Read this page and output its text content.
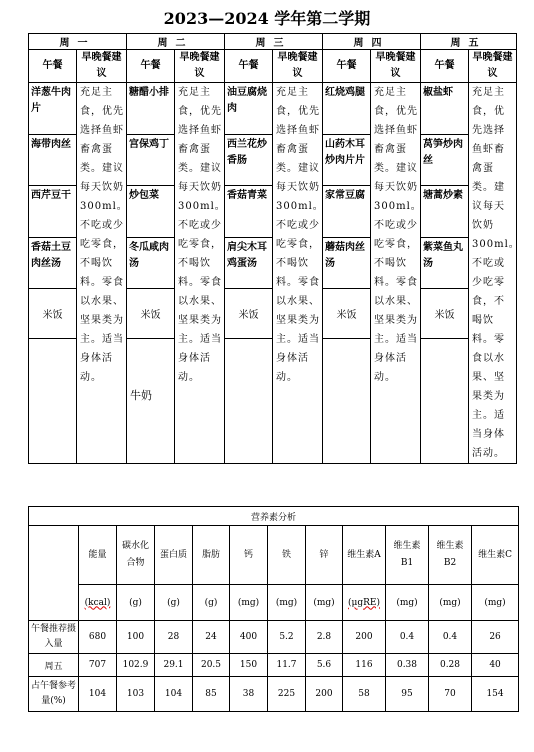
2023—2024 学年第二学期
周一		周二		周三		周四		周五	
午餐	早晚餐建议	午餐	早晚餐建议	午餐	早晚餐建议	午餐	早晚餐建议	午餐	早晚餐建议
洋葱牛肉片	充足主食，优先选择鱼虾畜禽蛋类。建议每天饮奶300ml。不吃或少吃零食，不喝饮料。零食以水果、坚果类为主。适当身体活动。	糖醋小排	充足主食，优先选择鱼虾畜禽蛋类。建议每天饮奶300ml。不吃或少吃零食，不喝饮料。零食以水果、坚果类为主。适当身体活动。	油豆腐烧肉	充足主食，优先选择鱼虾畜禽蛋类。建议每天饮奶300ml。不吃或少吃零食，不喝饮料。零食以水果、坚果类为主。适当身体活动。	红烧鸡腿	充足主食，优先选择鱼虾畜禽蛋类。建议每天饮奶300ml。不吃或少吃零食，不喝饮料。零食以水果、坚果类为主。适当身体活动。	椒盐虾	充足主食，优先选择鱼虾畜禽蛋类。建议每天饮奶300ml。不吃或少吃零食，不喝饮料。零食以水果、坚果类为主。适当身体活动。
海带肉丝		宫保鸡丁		西兰花炒香肠		山药木耳炒肉片片		莴笋炒肉丝	
西芹豆干		炒包菜		香菇青菜		家常豆腐		塘蒿炒素	
香菇土豆肉丝汤		冬瓜咸肉汤		肩尖木耳鸡蛋汤		蘑菇肉丝汤		紫菜鱼丸汤	
米饭		米饭		米饭		米饭		米饭	
		牛奶							
营养素分析											
	能量	碳水化合物	蛋白质	脂肪	钙	铁	锌	维生素A	维生素B1	维生素B2	维生素C
	(kcal)	(g)	(g)	(g)	(mg)	(mg)	(mg)	(μgRE)	(mg)	(mg)	(mg)
午餐推荐摄入量	680	100	28	24	400	5.2	2.8	200	0.4	0.4	26
周五	707	102.9	29.1	20.5	150	11.7	5.6	116	0.38	0.28	40
占午餐参考量(%)	104	103	104	85	38	225	200	58	95	70	154
